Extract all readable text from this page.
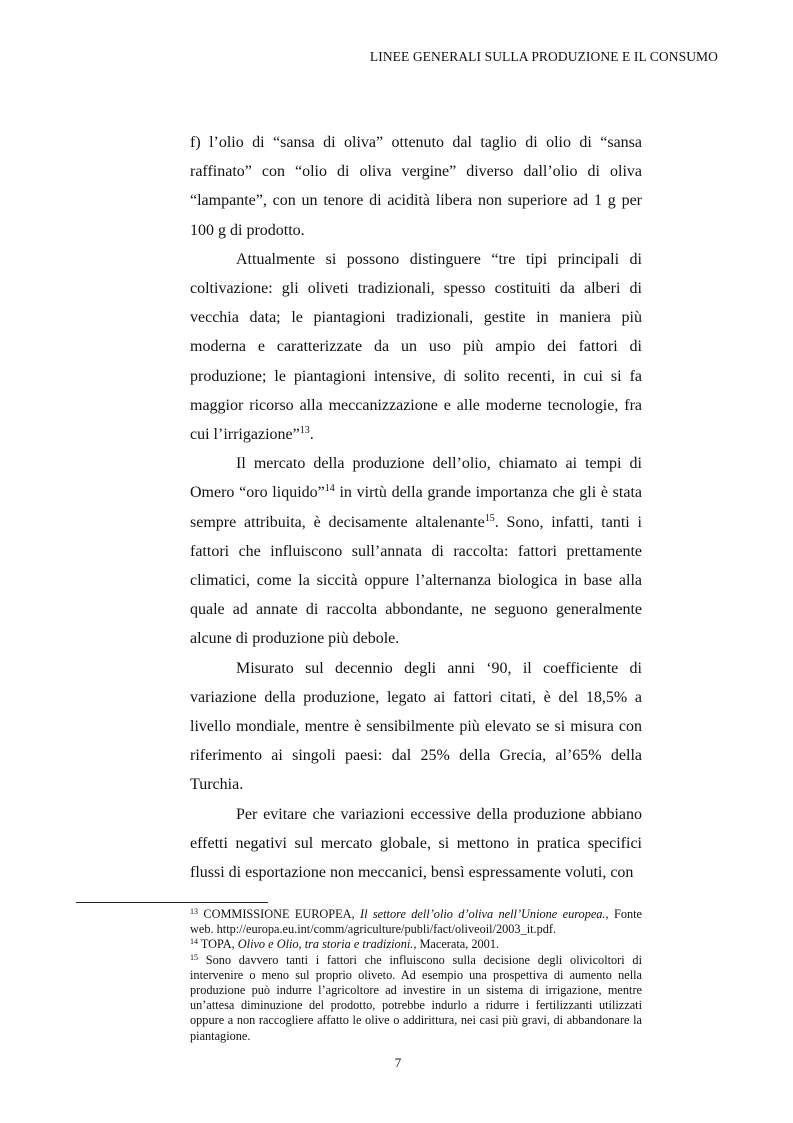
LINEE GENERALI SULLA PRODUZIONE E IL CONSUMO

f) l’olio di “sansa di oliva” ottenuto dal taglio di olio di “sansa raffinato” con “olio di oliva vergine” diverso dall’olio di oliva “lampante”, con un tenore di acidità libera non superiore ad 1 g per 100 g di prodotto.

Attualmente si possono distinguere “tre tipi principali di coltivazione: gli oliveti tradizionali, spesso costituiti da alberi di vecchia data; le piantagioni tradizionali, gestite in maniera più moderna e caratterizzate da un uso più ampio dei fattori di produzione; le piantagioni intensive, di solito recenti, in cui si fa maggior ricorso alla meccanizzazione e alle moderne tecnologie, fra cui l’irrigazione”$^{13}$.

Il mercato della produzione dell’olio, chiamato ai tempi di Omero “oro liquido”$^{14}$ in virtù della grande importanza che gli è stata sempre attribuita, è decisamente altalenante$^{15}$. Sono, infatti, tanti i fattori che influiscono sull’annata di raccolta: fattori prettamente climatici, come la siccità oppure l’alternanza biologica in base alla quale ad annate di raccolta abbondante, ne seguono generalmente alcune di produzione più debole.

Misurato sul decennio degli anni ‘90, il coefficiente di variazione della produzione, legato ai fattori citati, è del 18,5% a livello mondiale, mentre è sensibilmente più elevato se si misura con riferimento ai singoli paesi: dal 25% della Grecia, al’65% della Turchia.

Per evitare che variazioni eccessive della produzione abbiano effetti negativi sul mercato globale, si mettono in pratica specifici flussi di esportazione non meccanici, bensì espressamente voluti, con

$^{13}$ COMMISSIONE EUROPEA, Il settore dell’olio d’oliva nell’Unione europea., Fonte web. http://europa.eu.int/comm/agriculture/publi/fact/oliveoil/2003_it.pdf.

$^{14}$ TOPA, Olivo e Olio, tra storia e tradizioni., Macerata, 2001.

$^{15}$ Sono davvero tanti i fattori che influiscono sulla decisione degli olivicoltori di intervenire o meno sul proprio oliveto. Ad esempio una prospettiva di aumento nella produzione può indurre l’agricoltore ad investire in un sistema di irrigazione, mentre un’attesa diminuzione del prodotto, potrebbe indurlo a ridurre i fertilizzanti utilizzati oppure a non raccogliere affatto le olive o addirittura, nei casi più gravi, di abbandonare la piantagione.

7
